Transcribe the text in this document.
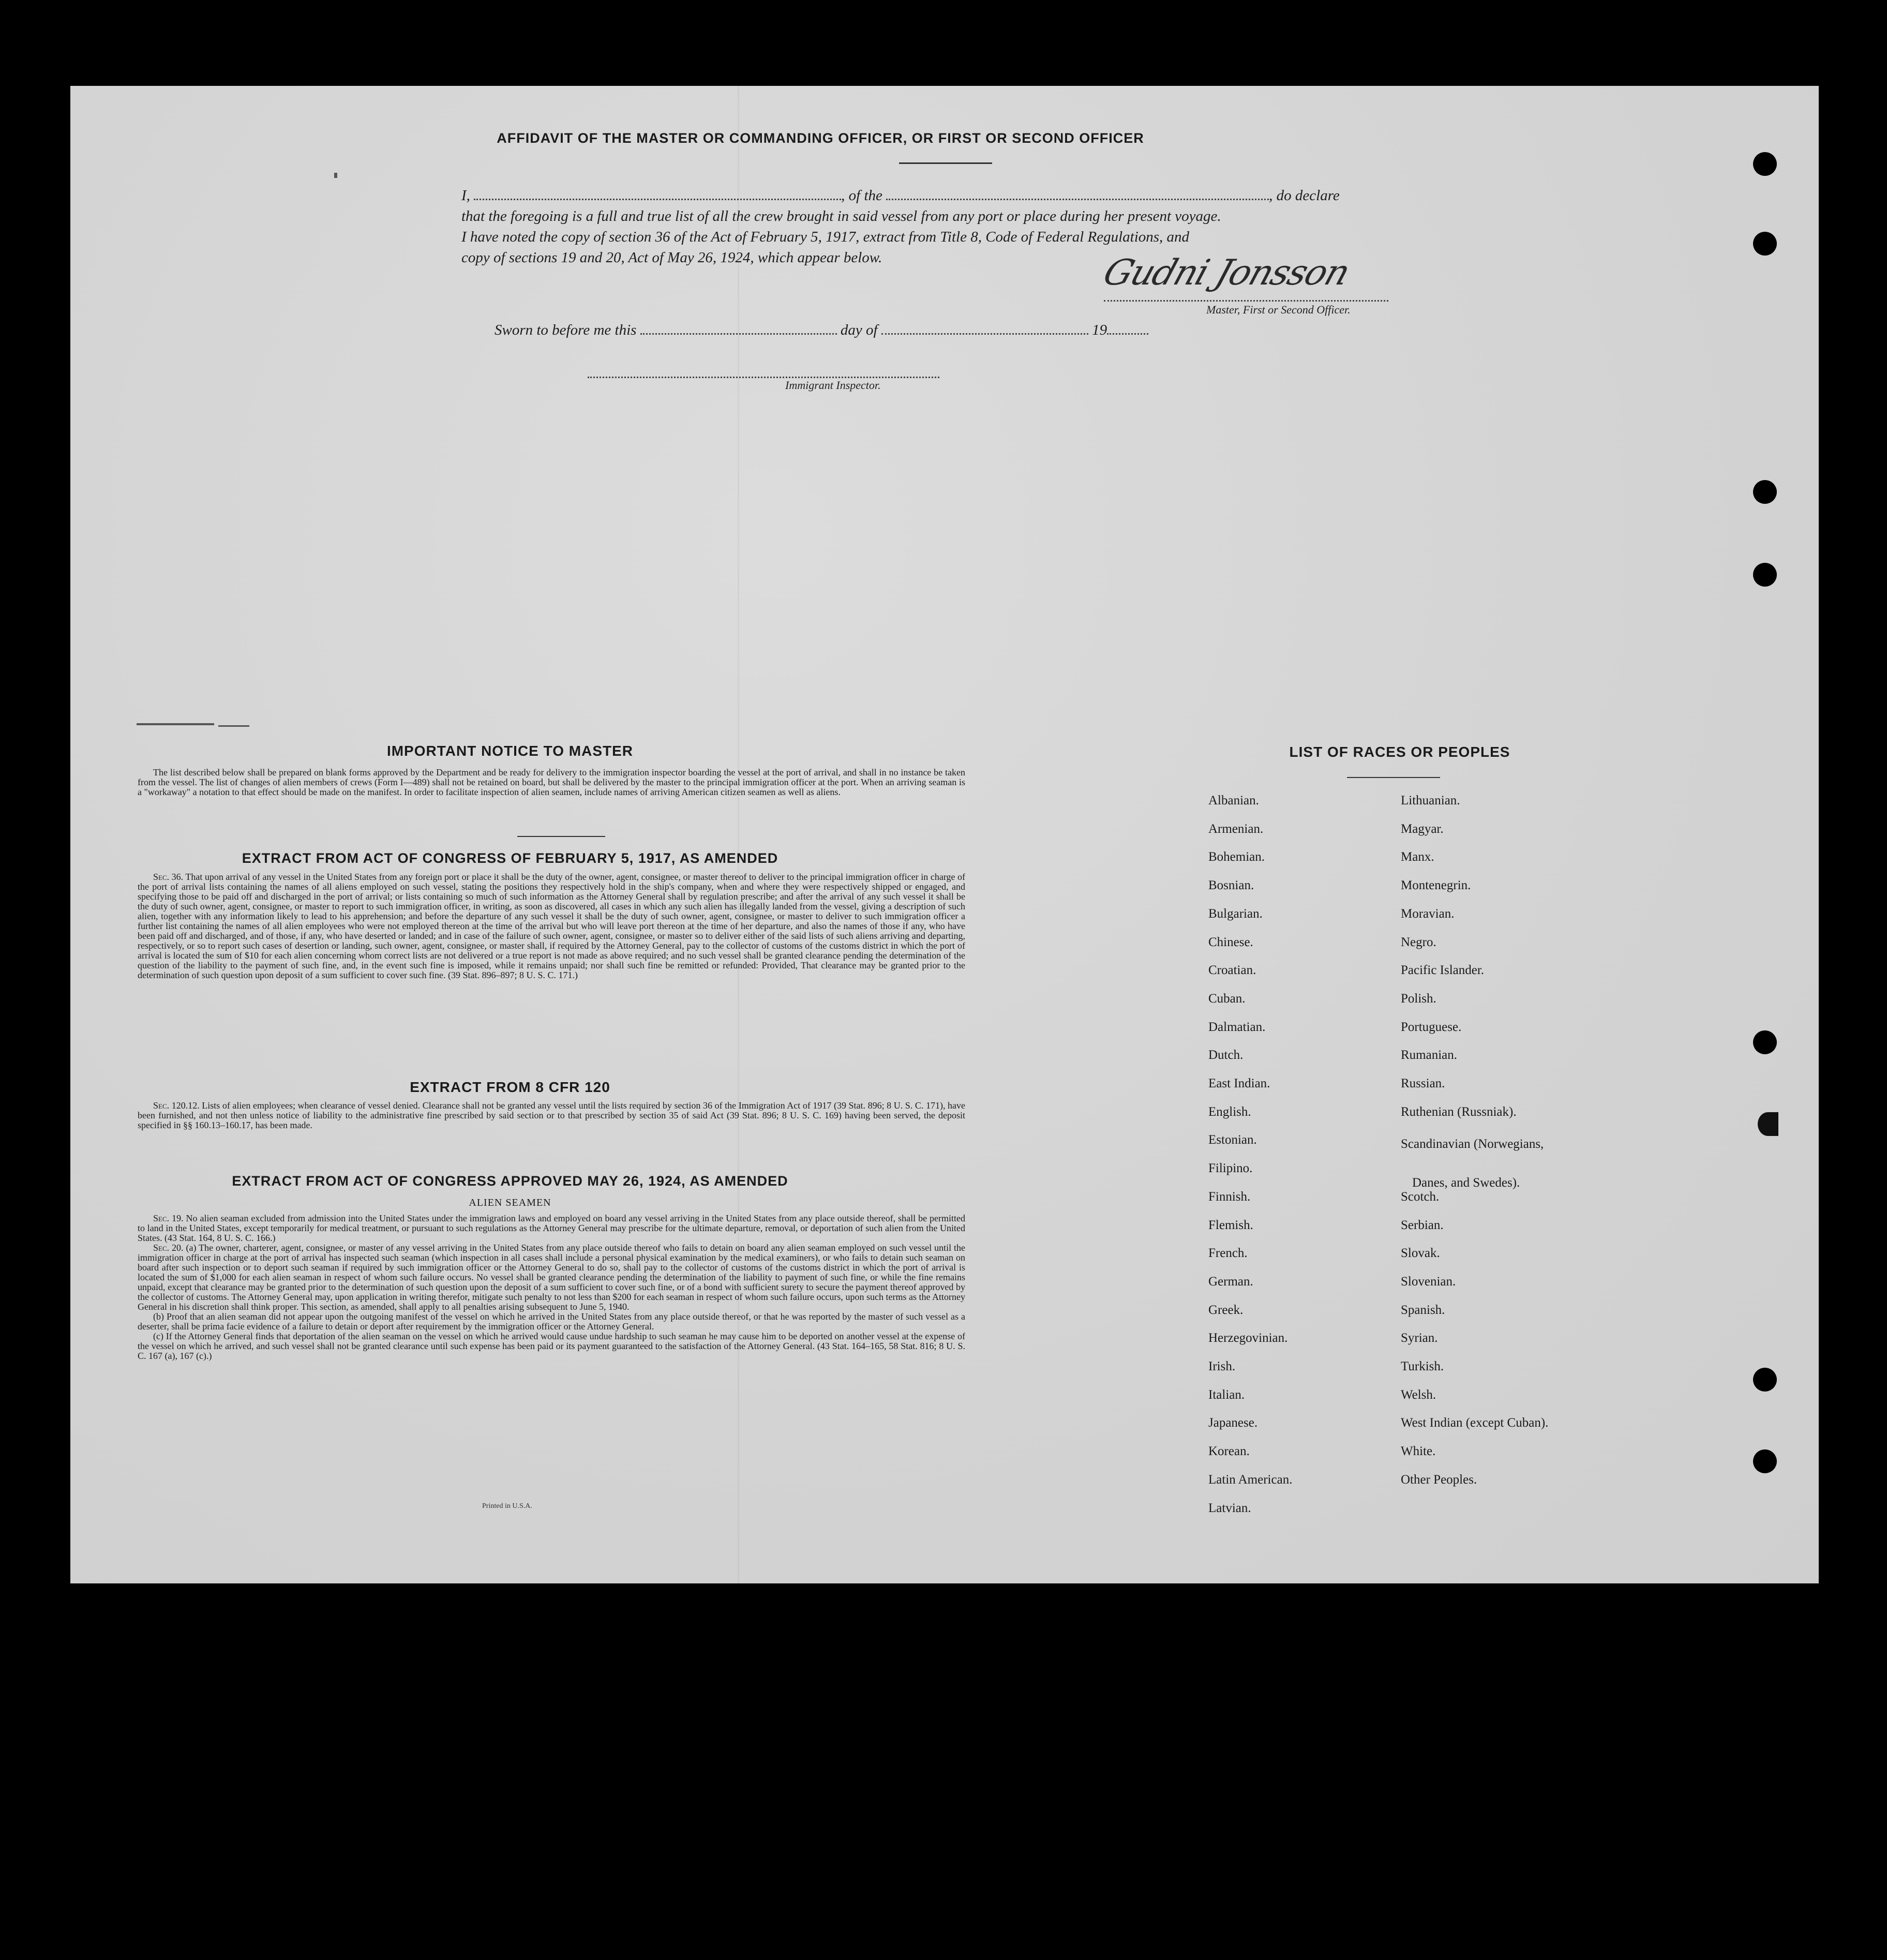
AFFIDAVIT OF THE MASTER OR COMMANDING OFFICER, OR FIRST OR SECOND OFFICER
I,	, of the	, do declare
that the foregoing is a full and true list of all the crew brought in said vessel from any port or place during her present voyage.
I have noted the copy of section 36 of the Act of February 5, 1917, extract from Title 8, Code of Federal Regulations, and
copy of sections 19 and 20, Act of May 26, 1924, which appear below.	Gudni Jonsson
Master, First or Second Officer.
Sworn to before me this	day of	19
Immigrant Inspector.
IMPORTANT NOTICE TO MASTER
The list described below shall be prepared on blank forms approved by the Department and be ready for delivery to the immigration inspector boarding the vessel at the port of arrival, and shall in no instance be taken from the vessel. The list of changes of alien members of crews (Form I—489) shall not be retained on board, but shall be delivered by the master to the principal immigration officer at the port. When an arriving seaman is a "workaway" a notation to that effect should be made on the manifest. In order to facilitate inspection of alien seamen, include names of arriving American citizen seamen as well as aliens.
EXTRACT FROM ACT OF CONGRESS OF FEBRUARY 5, 1917, AS AMENDED
Sec. 36. That upon arrival of any vessel in the United States from any foreign port or place it shall be the duty of the owner, agent, consignee, or master thereof to deliver to the principal immigration officer in charge of the port of arrival lists containing the names of all aliens employed on such vessel, stating the positions they respectively hold in the ship's company, when and where they were respectively shipped or engaged, and specifying those to be paid off and discharged in the port of arrival; or lists containing so much of such information as the Attorney General shall by regulation prescribe; and after the arrival of any such vessel it shall be the duty of such owner, agent, consignee, or master to report to such immigration officer, in writing, as soon as discovered, all cases in which any such alien has illegally landed from the vessel, giving a description of such alien, together with any information likely to lead to his apprehension; and before the departure of any such vessel it shall be the duty of such owner, agent, consignee, or master to deliver to such immigration officer a further list containing the names of all alien employees who were not employed thereon at the time of the arrival but who will leave port thereon at the time of her departure, and also the names of those if any, who have been paid off and discharged, and of those, if any, who have deserted or landed; and in case of the failure of such owner, agent, consignee, or master so to deliver either of the said lists of such aliens arriving and departing, respectively, or so to report such cases of desertion or landing, such owner, agent, consignee, or master shall, if required by the Attorney General, pay to the collector of customs of the customs district in which the port of arrival is located the sum of $10 for each alien concerning whom correct lists are not delivered or a true report is not made as above required; and no such vessel shall be granted clearance pending the determination of the question of the liability to the payment of such fine, and, in the event such fine is imposed, while it remains unpaid; nor shall such fine be remitted or refunded: Provided, That clearance may be granted prior to the determination of such question upon deposit of a sum sufficient to cover such fine. (39 Stat. 896–897; 8 U. S. C. 171.)
EXTRACT FROM 8 CFR 120
Sec. 120.12. Lists of alien employees; when clearance of vessel denied. Clearance shall not be granted any vessel until the lists required by section 36 of the Immigration Act of 1917 (39 Stat. 896; 8 U. S. C. 171), have been furnished, and not then unless notice of liability to the administrative fine prescribed by said section or to that prescribed by section 35 of said Act (39 Stat. 896; 8 U. S. C. 169) having been served, the deposit specified in §§ 160.13–160.17, has been made.
EXTRACT FROM ACT OF CONGRESS APPROVED MAY 26, 1924, AS AMENDED
ALIEN SEAMEN
Sec. 19. No alien seaman excluded from admission into the United States under the immigration laws and employed on board any vessel arriving in the United States from any place outside thereof, shall be permitted to land in the United States, except temporarily for medical treatment, or pursuant to such regulations as the Attorney General may prescribe for the ultimate departure, removal, or deportation of such alien from the United States. (43 Stat. 164, 8 U. S. C. 166.)
Sec. 20. (a) The owner, charterer, agent, consignee, or master of any vessel arriving in the United States from any place outside thereof who fails to detain on board any alien seaman employed on such vessel until the immigration officer in charge at the port of arrival has inspected such seaman (which inspection in all cases shall include a personal physical examination by the medical examiners), or who fails to detain such seaman on board after such inspection or to deport such seaman if required by such immigration officer or the Attorney General to do so, shall pay to the collector of customs of the customs district in which the port of arrival is located the sum of $1,000 for each alien seaman in respect of whom such failure occurs. No vessel shall be granted clearance pending the determination of the liability to payment of such fine, or while the fine remains unpaid, except that clearance may be granted prior to the determination of such question upon the deposit of a sum sufficient to cover such fine, or of a bond with sufficient surety to secure the payment thereof approved by the collector of customs. The Attorney General may, upon application in writing therefor, mitigate such penalty to not less than $200 for each seaman in respect of whom such failure occurs, upon such terms as the Attorney General in his discretion shall think proper. This section, as amended, shall apply to all penalties arising subsequent to June 5, 1940.
(b) Proof that an alien seaman did not appear upon the outgoing manifest of the vessel on which he arrived in the United States from any place outside thereof, or that he was reported by the master of such vessel as a deserter, shall be prima facie evidence of a failure to detain or deport after requirement by the immigration officer or the Attorney General.
(c) If the Attorney General finds that deportation of the alien seaman on the vessel on which he arrived would cause undue hardship to such seaman he may cause him to be deported on another vessel at the expense of the vessel on which he arrived, and such vessel shall not be granted clearance until such expense has been paid or its payment guaranteed to the satisfaction of the Attorney General. (43 Stat. 164–165, 58 Stat. 816; 8 U. S. C. 167 (a), 167 (c).)
Printed in U.S.A.
LIST OF RACES OR PEOPLES
Albanian.
Armenian.
Bohemian.
Bosnian.
Bulgarian.
Chinese.
Croatian.
Cuban.
Dalmatian.
Dutch.
East Indian.
English.
Estonian.
Filipino.
Finnish.
Flemish.
French.
German.
Greek.
Herzegovinian.
Irish.
Italian.
Japanese.
Korean.
Latin American.
Latvian.
Lithuanian.
Magyar.
Manx.
Montenegrin.
Moravian.
Negro.
Pacific Islander.
Polish.
Portuguese.
Rumanian.
Russian.
Ruthenian (Russniak).
Scandinavian (Norwegians,
Danes, and Swedes).
Scotch.
Serbian.
Slovak.
Slovenian.
Spanish.
Syrian.
Turkish.
Welsh.
West Indian (except Cuban).
White.
Other Peoples.
